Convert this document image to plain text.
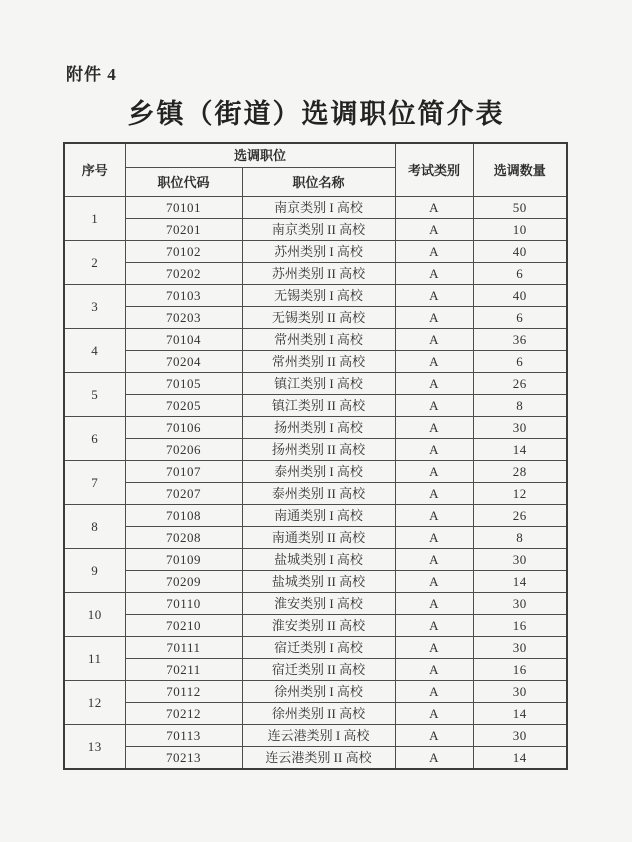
附件 4
乡镇（街道）选调职位简介表
序号	选调职位		考试类别	选调数量
	职位代码	职位名称		
1	70101	南京类别 I 高校	A	50
	70201	南京类别 II 高校	A	10
2	70102	苏州类别 I 高校	A	40
	70202	苏州类别 II 高校	A	6
3	70103	无锡类别 I 高校	A	40
	70203	无锡类别 II 高校	A	6
4	70104	常州类别 I 高校	A	36
	70204	常州类别 II 高校	A	6
5	70105	镇江类别 I 高校	A	26
	70205	镇江类别 II 高校	A	8
6	70106	扬州类别 I 高校	A	30
	70206	扬州类别 II 高校	A	14
7	70107	泰州类别 I 高校	A	28
	70207	泰州类别 II 高校	A	12
8	70108	南通类别 I 高校	A	26
	70208	南通类别 II 高校	A	8
9	70109	盐城类别 I 高校	A	30
	70209	盐城类别 II 高校	A	14
10	70110	淮安类别 I 高校	A	30
	70210	淮安类别 II 高校	A	16
11	70111	宿迁类别 I 高校	A	30
	70211	宿迁类别 II 高校	A	16
12	70112	徐州类别 I 高校	A	30
	70212	徐州类别 II 高校	A	14
13	70113	连云港类别 I 高校	A	30
	70213	连云港类别 II 高校	A	14
